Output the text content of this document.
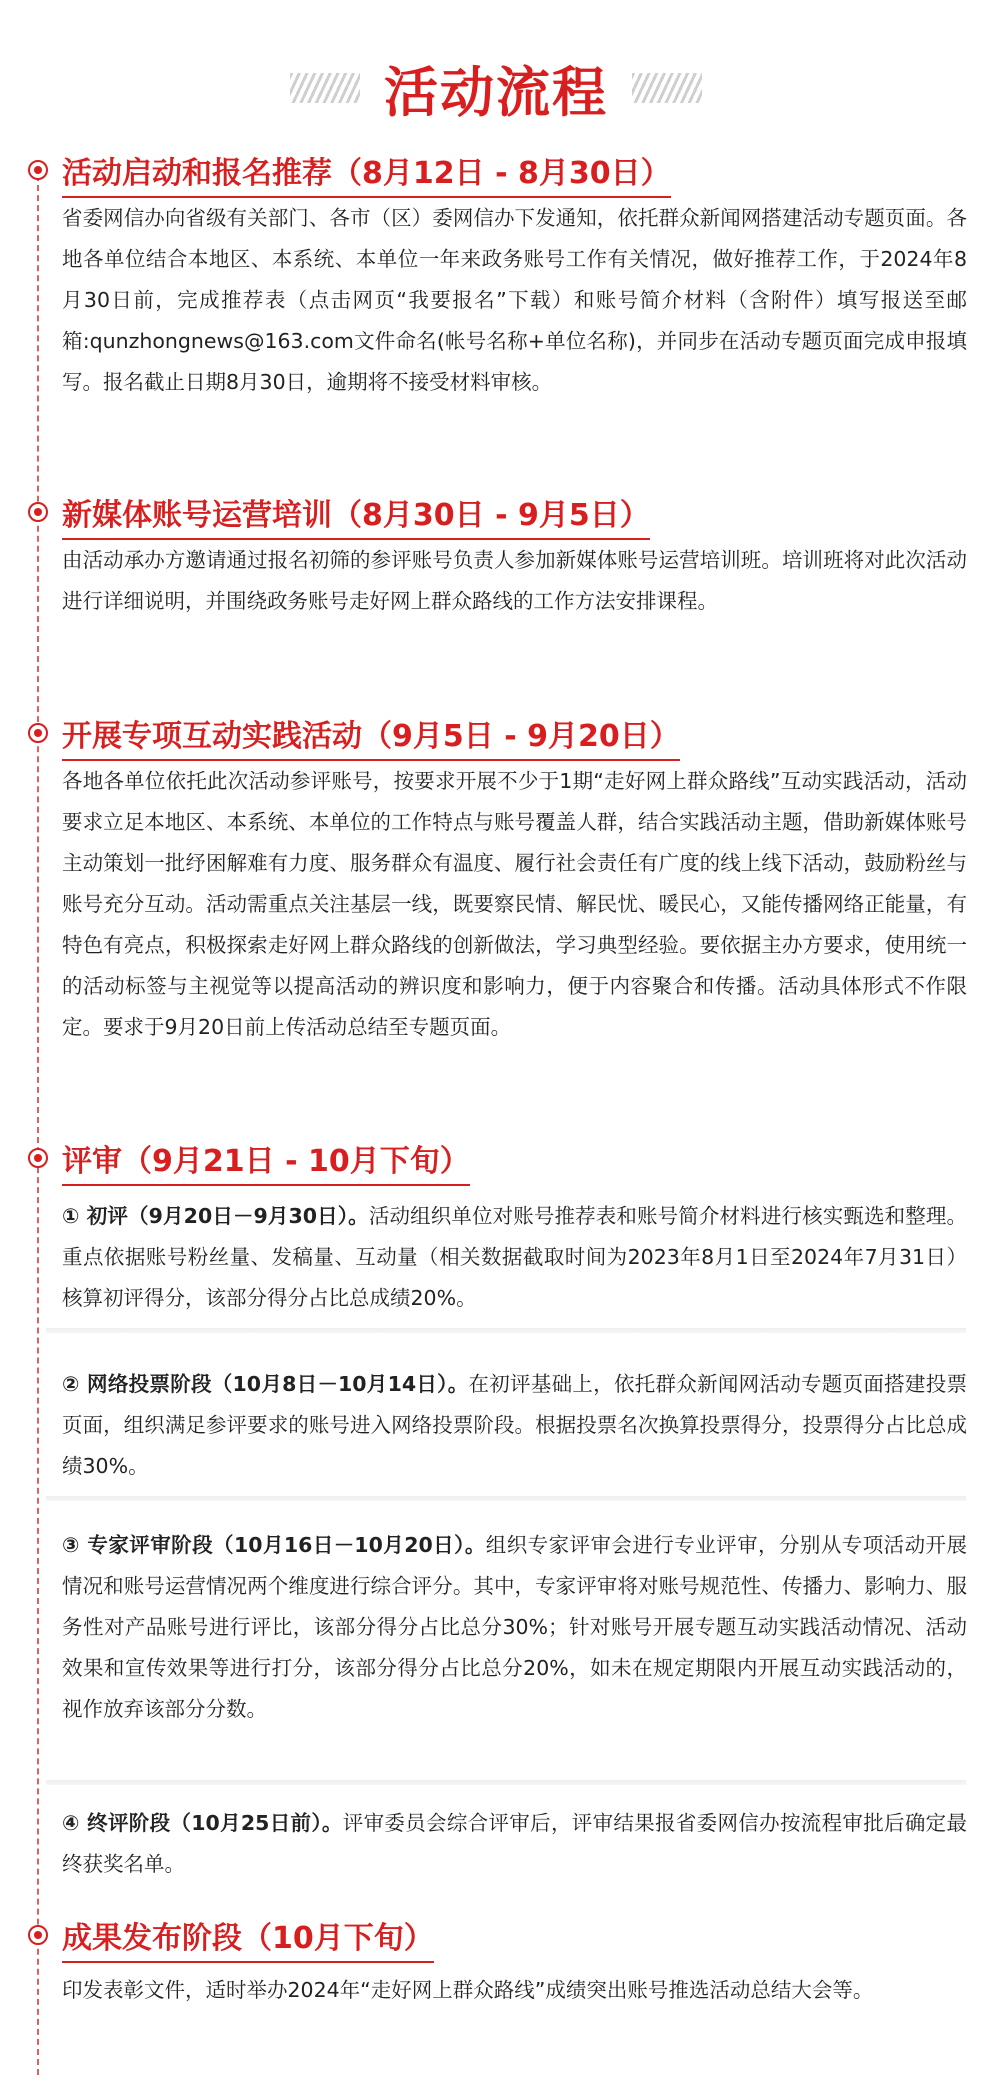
活动流程
活动启动和报名推荐（8月12日 - 8月30日）

省委网信办向省级有关部门、各市（区）委网信办下发通知，依托群众新闻网搭建活动专题页面。各地各单位结合本地区、本系统、本单位一年来政务账号工作有关情况，做好推荐工作，于2024年8月30日前，完成推荐表（点击网页“我要报名”下载）和账号简介材料（含附件）填写报送至邮箱:qunzhongnews@163.com文件命名(帐号名称+单位名称)，并同步在活动专题页面完成申报填写。报名截止日期8月30日，逾期将不接受材料审核。

新媒体账号运营培训（8月30日 - 9月5日）

由活动承办方邀请通过报名初筛的参评账号负责人参加新媒体账号运营培训班。培训班将对此次活动进行详细说明，并围绕政务账号走好网上群众路线的工作方法安排课程。

开展专项互动实践活动（9月5日 - 9月20日）

各地各单位依托此次活动参评账号，按要求开展不少于1期“走好网上群众路线”互动实践活动，活动要求立足本地区、本系统、本单位的工作特点与账号覆盖人群，结合实践活动主题，借助新媒体账号主动策划一批纾困解难有力度、服务群众有温度、履行社会责任有广度的线上线下活动，鼓励粉丝与账号充分互动。活动需重点关注基层一线，既要察民情、解民忧、暖民心，又能传播网络正能量，有特色有亮点，积极探索走好网上群众路线的创新做法，学习典型经验。要依据主办方要求，使用统一的活动标签与主视觉等以提高活动的辨识度和影响力，便于内容聚合和传播。活动具体形式不作限定。要求于9月20日前上传活动总结至专题页面。

评审（9月21日 - 10月下旬）

① 初评（9月20日－9月30日）。活动组织单位对账号推荐表和账号简介材料进行核实甄选和整理。重点依据账号粉丝量、发稿量、互动量（相关数据截取时间为2023年8月1日至2024年7月31日）核算初评得分，该部分得分占比总成绩20%。

② 网络投票阶段（10月8日－10月14日）。在初评基础上，依托群众新闻网活动专题页面搭建投票页面，组织满足参评要求的账号进入网络投票阶段。根据投票名次换算投票得分，投票得分占比总成绩30%。

③ 专家评审阶段（10月16日－10月20日）。组织专家评审会进行专业评审，分别从专项活动开展情况和账号运营情况两个维度进行综合评分。其中，专家评审将对账号规范性、传播力、影响力、服务性对产品账号进行评比，该部分得分占比总分30%；针对账号开展专题互动实践活动情况、活动效果和宣传效果等进行打分，该部分得分占比总分20%，如未在规定期限内开展互动实践活动的，视作放弃该部分分数。

④ 终评阶段（10月25日前）。评审委员会综合评审后，评审结果报省委网信办按流程审批后确定最终获奖名单。

成果发布阶段（10月下旬）

印发表彰文件，适时举办2024年“走好网上群众路线”成绩突出账号推选活动总结大会等。
